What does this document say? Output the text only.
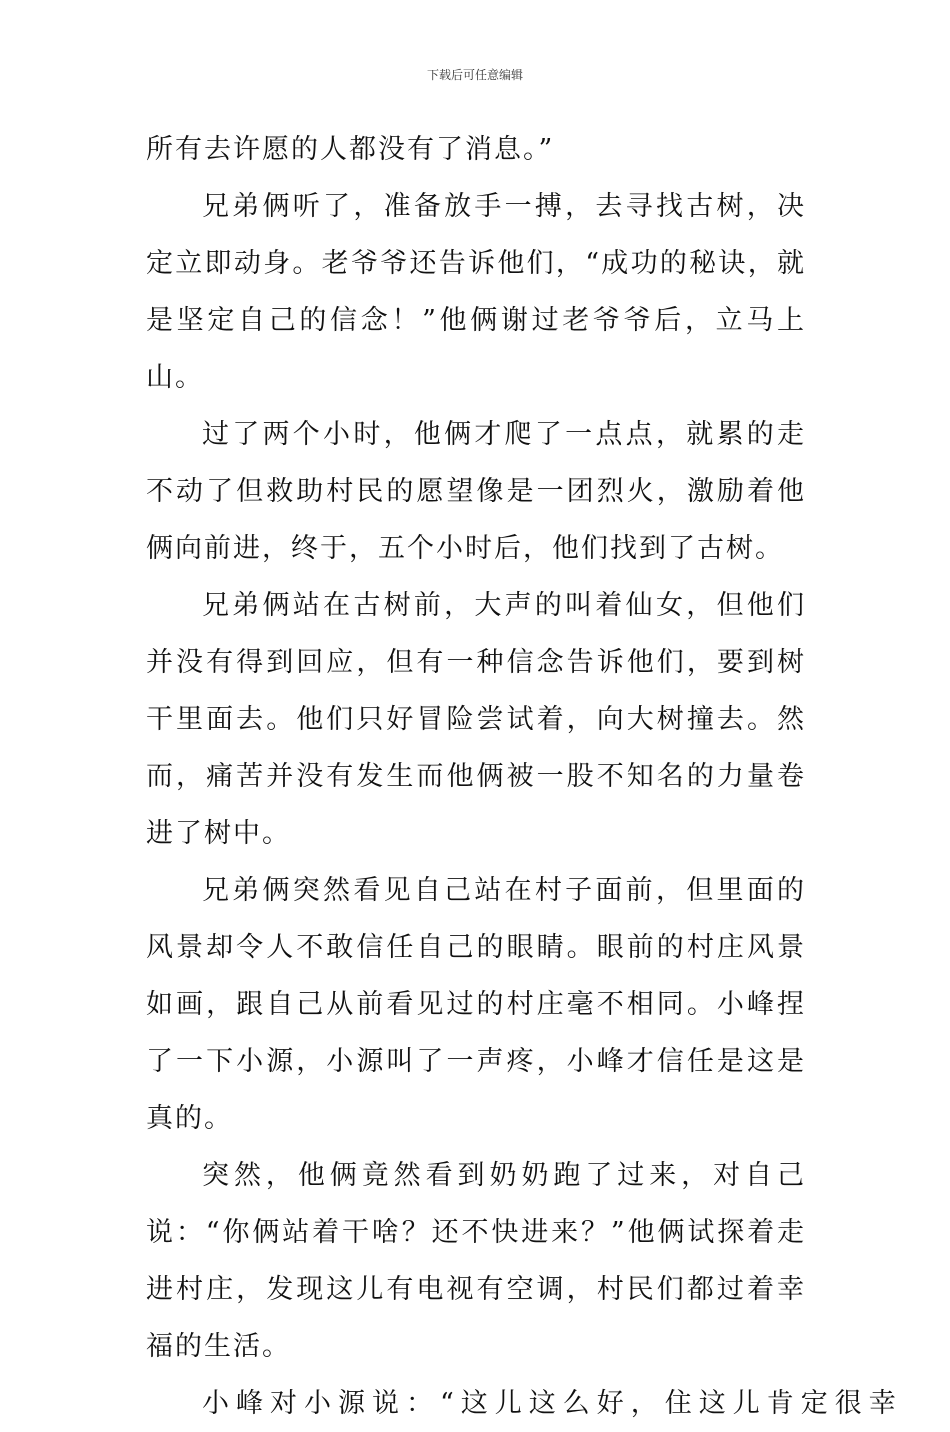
下载后可任意编辑

所有去许愿的人都没有了消息。”

兄弟俩听了，准备放手一搏，去寻找古树，决定立即动身。老爷爷还告诉他们，“成功的秘诀，就是坚定自己的信念！”他俩谢过老爷爷后，立马上山。

过了两个小时，他俩才爬了一点点，就累的走不动了但救助村民的愿望像是一团烈火，激励着他俩向前进，终于，五个小时后，他们找到了古树。

兄弟俩站在古树前，大声的叫着仙女，但他们并没有得到回应，但有一种信念告诉他们，要到树干里面去。他们只好冒险尝试着，向大树撞去。然而，痛苦并没有发生而他俩被一股不知名的力量卷进了树中。

兄弟俩突然看见自己站在村子面前，但里面的风景却令人不敢信任自己的眼睛。眼前的村庄风景如画，跟自己从前看见过的村庄毫不相同。小峰捏了一下小源，小源叫了一声疼，小峰才信任是这是真的。

突然，他俩竟然看到奶奶跑了过来，对自己说：“你俩站着干啥？还不快进来？”他俩试探着走进村庄，发现这儿有电视有空调，村民们都过着幸福的生活。

小峰对小源说：“这儿这么好，住这儿肯定很幸
